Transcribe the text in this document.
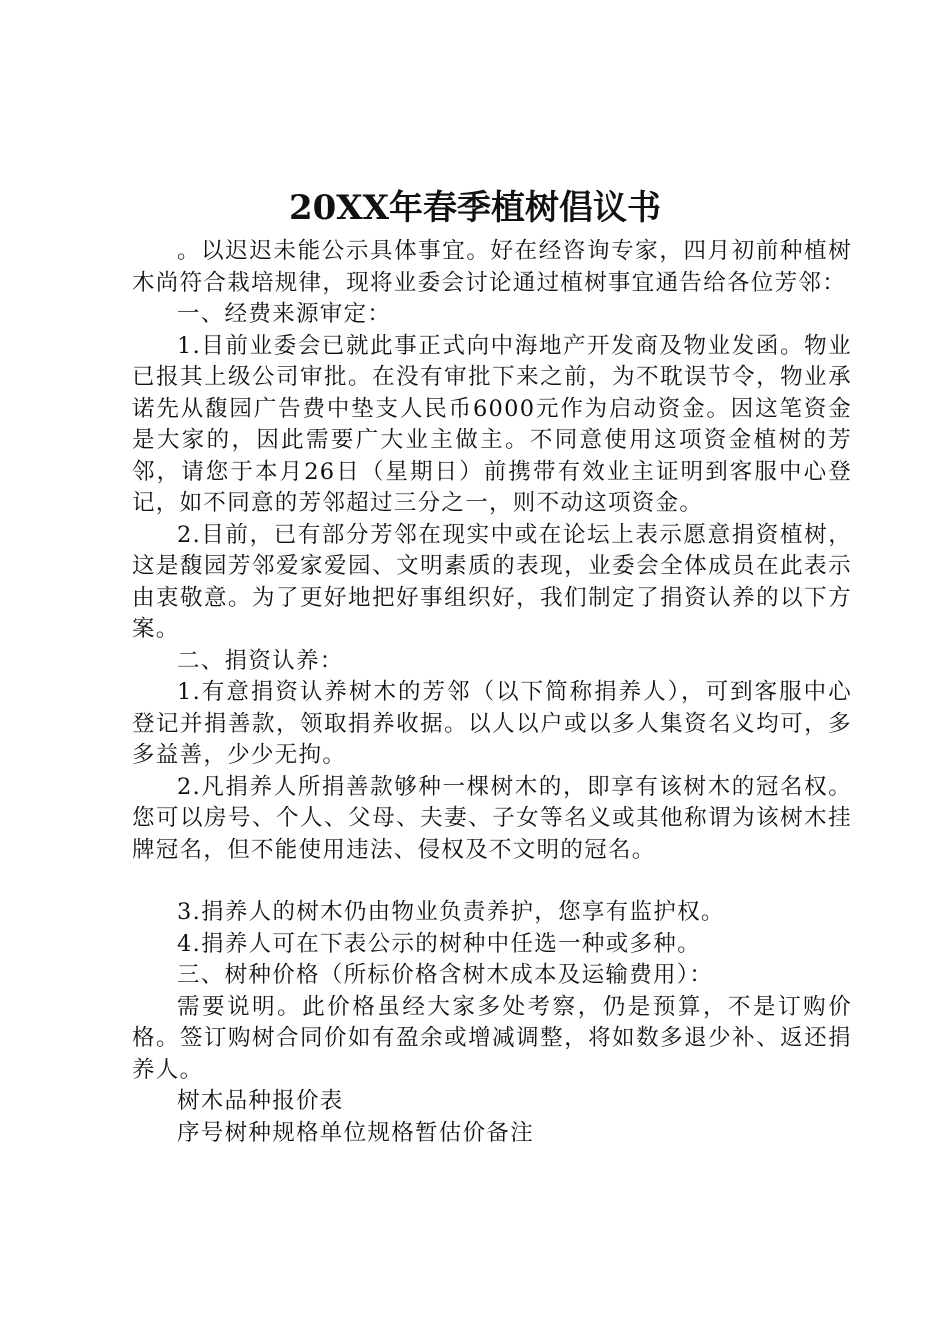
20XX年春季植树倡议书

。以迟迟未能公示具体事宜。好在经咨询专家，四月初前种植树木尚符合栽培规律，现将业委会讨论通过植树事宜通告给各位芳邻：

一、经费来源审定：

1.目前业委会已就此事正式向中海地产开发商及物业发函。物业已报其上级公司审批。在没有审批下来之前，为不耽误节令，物业承诺先从馥园广告费中垫支人民币6000元作为启动资金。因这笔资金是大家的，因此需要广大业主做主。不同意使用这项资金植树的芳邻，请您于本月26日（星期日）前携带有效业主证明到客服中心登记，如不同意的芳邻超过三分之一，则不动这项资金。

2.目前，已有部分芳邻在现实中或在论坛上表示愿意捐资植树，这是馥园芳邻爱家爱园、文明素质的表现，业委会全体成员在此表示由衷敬意。为了更好地把好事组织好，我们制定了捐资认养的以下方案。

二、捐资认养：

1.有意捐资认养树木的芳邻（以下简称捐养人），可到客服中心登记并捐善款，领取捐养收据。以人以户或以多人集资名义均可，多多益善，少少无拘。

2.凡捐养人所捐善款够种一棵树木的，即享有该树木的冠名权。您可以房号、个人、父母、夫妻、子女等名义或其他称谓为该树木挂牌冠名，但不能使用违法、侵权及不文明的冠名。

3.捐养人的树木仍由物业负责养护，您享有监护权。

4.捐养人可在下表公示的树种中任选一种或多种。

三、树种价格（所标价格含树木成本及运输费用）：

需要说明。此价格虽经大家多处考察，仍是预算，不是订购价格。签订购树合同价如有盈余或增减调整，将如数多退少补、返还捐养人。

树木品种报价表

序号树种规格单位规格暂估价备注
